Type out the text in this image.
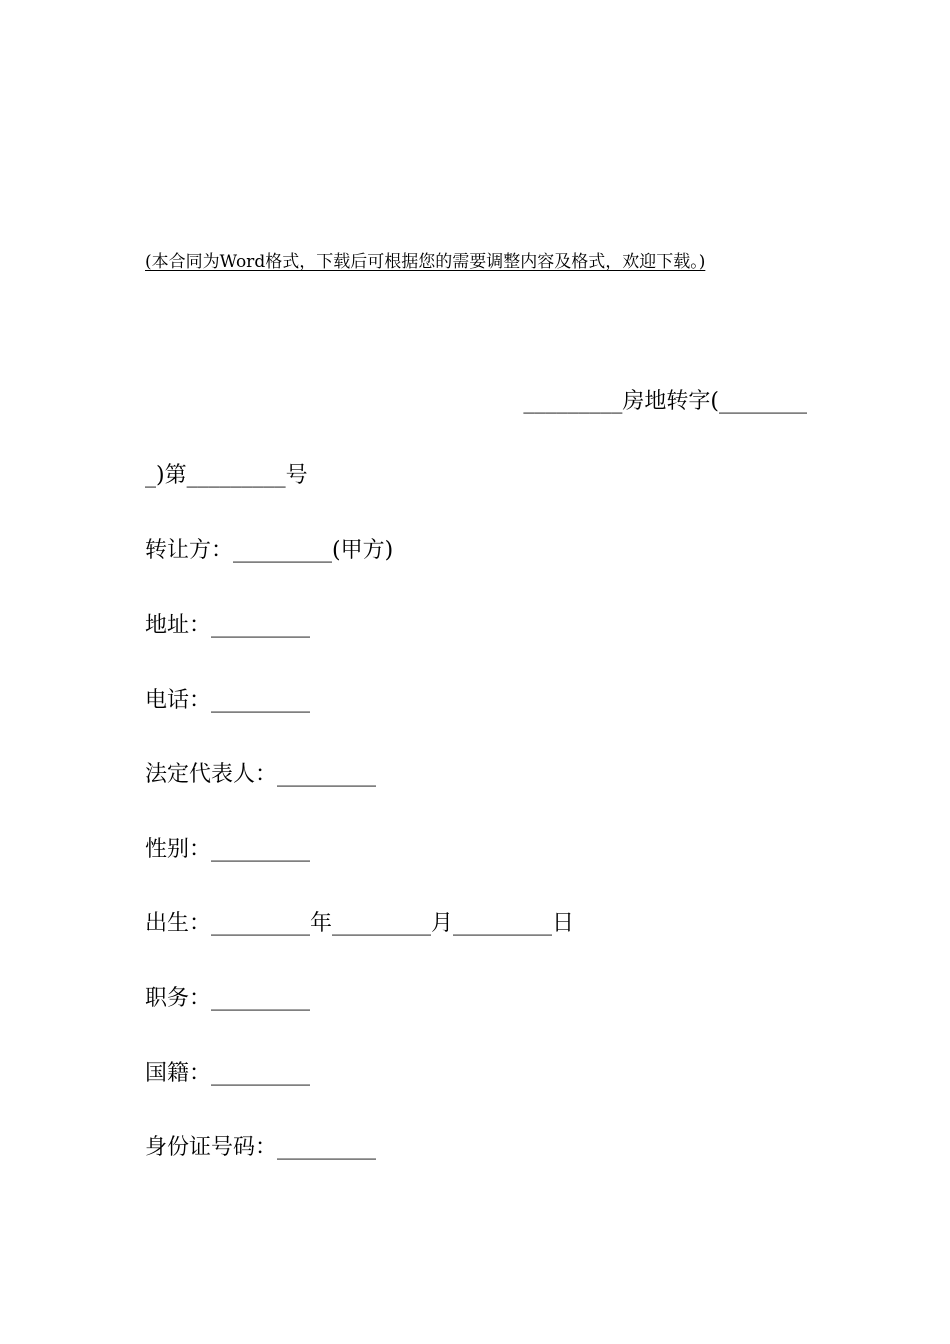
(本合同为Word格式，下载后可根据您的需要调整内容及格式，欢迎下载。)
_________房地转字(________
_)第_________号
转让方：_________(甲方)
地址：_________
电话：_________
法定代表人：_________
性别：_________
出生：_________年_________月_________日
职务：_________
国籍：_________
身份证号码：_________
